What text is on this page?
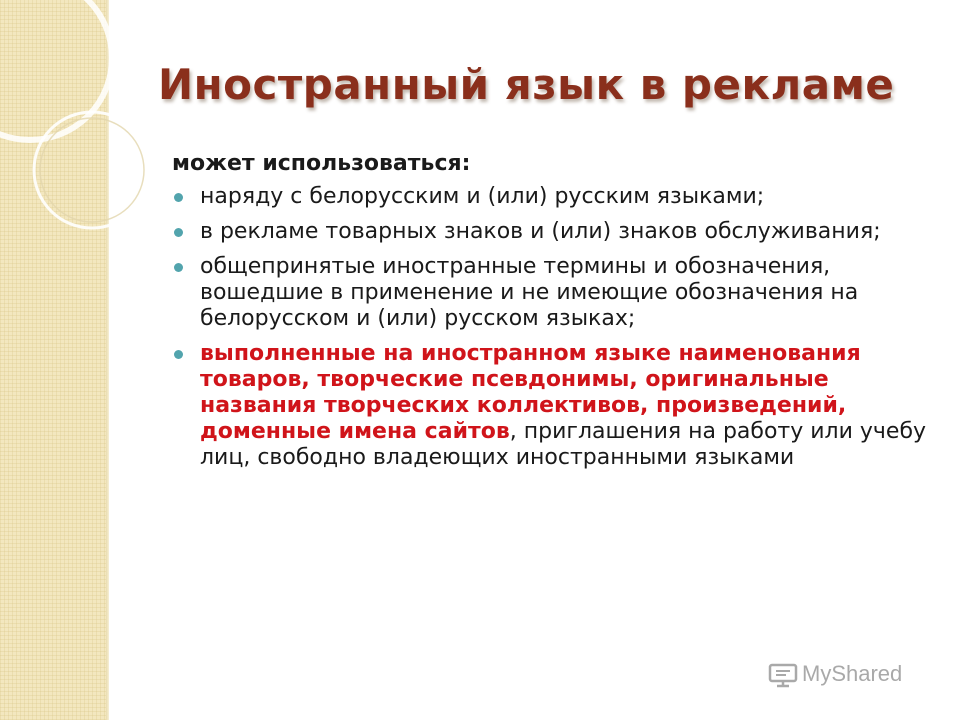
Иностранный язык в рекламе

может использоваться:

наряду с белорусским и (или) русским языками;
в рекламе товарных знаков и (или) знаков обслуживания;
общепринятые иностранные термины и обозначения, вошедшие в применение и не имеющие обозначения на белорусском и (или) русском языках;
выполненные на иностранном языке наименования товаров, творческие псевдонимы, оригинальные названия творческих коллективов, произведений, доменные имена сайтов, приглашения на работу или учебу лиц, свободно владеющих иностранными языками
MyShared
